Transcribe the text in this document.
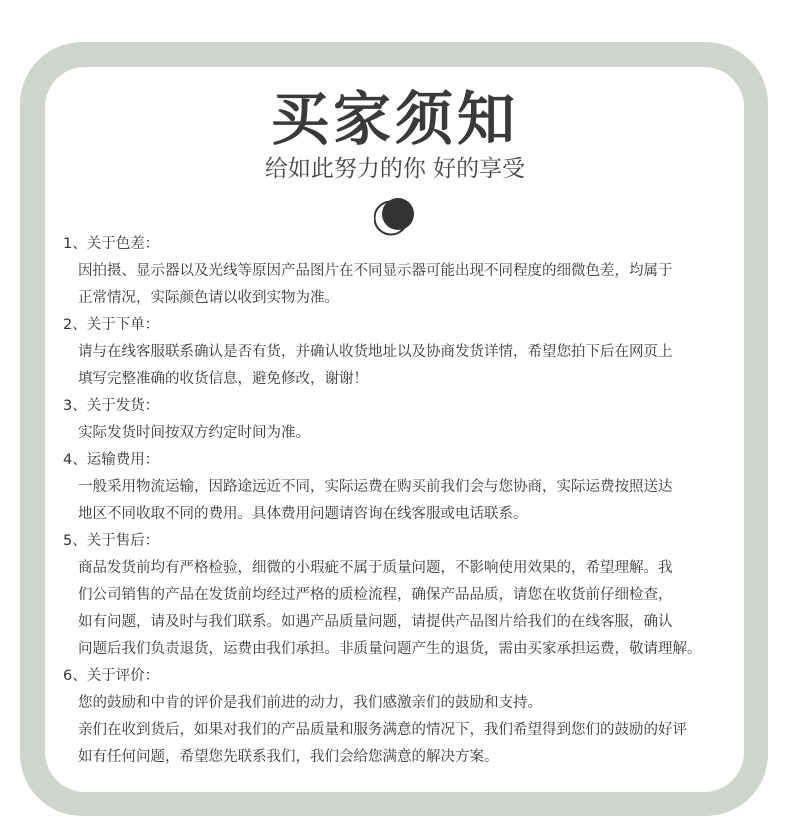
买家须知
给如此努力的你 好的享受
1、关于色差：
因拍摄、显示器以及光线等原因产品图片在不同显示器可能出现不同程度的细微色差，均属于
正常情况，实际颜色请以收到实物为准。
2、关于下单：
请与在线客服联系确认是否有货，并确认收货地址以及协商发货详情，希望您拍下后在网页上
填写完整准确的收货信息，避免修改，谢谢！
3、关于发货：
实际发货时间按双方约定时间为准。
4、运输费用：
一般采用物流运输，因路途远近不同，实际运费在购买前我们会与您协商，实际运费按照送达
地区不同收取不同的费用。具体费用问题请咨询在线客服或电话联系。
5、关于售后：
商品发货前均有严格检验，细微的小瑕疵不属于质量问题，不影响使用效果的，希望理解。我
们公司销售的产品在发货前均经过严格的质检流程，确保产品品质，请您在收货前仔细检查，
如有问题，请及时与我们联系。如遇产品质量问题，请提供产品图片给我们的在线客服，确认
问题后我们负责退货，运费由我们承担。非质量问题产生的退货，需由买家承担运费，敬请理解。
6、关于评价：
您的鼓励和中肯的评价是我们前进的动力，我们感激亲们的鼓励和支持。
亲们在收到货后，如果对我们的产品质量和服务满意的情况下，我们希望得到您们的鼓励的好评
如有任何问题，希望您先联系我们，我们会给您满意的解决方案。
